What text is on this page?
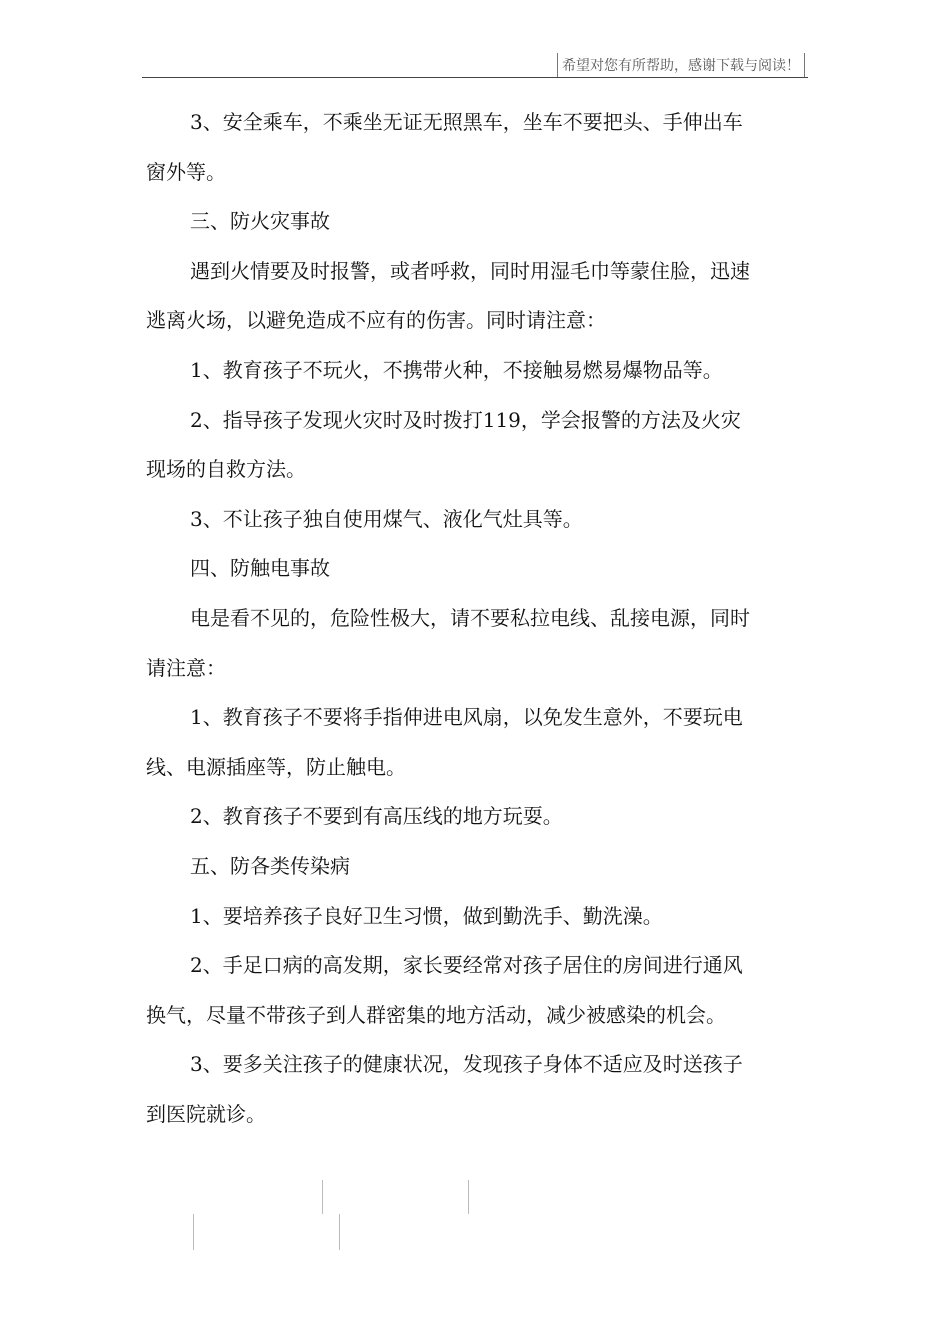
希望对您有所帮助，感谢下载与阅读！

3、安全乘车，不乘坐无证无照黑车，坐车不要把头、手伸出车

窗外等。

三、防火灾事故

遇到火情要及时报警，或者呼救，同时用湿毛巾等蒙住脸，迅速

逃离火场，以避免造成不应有的伤害。同时请注意：

1、教育孩子不玩火，不携带火种，不接触易燃易爆物品等。

2、指导孩子发现火灾时及时拨打119，学会报警的方法及火灾

现场的自救方法。

3、不让孩子独自使用煤气、液化气灶具等。

四、防触电事故

电是看不见的，危险性极大，请不要私拉电线、乱接电源，同时

请注意：

1、教育孩子不要将手指伸进电风扇，以免发生意外，不要玩电

线、电源插座等，防止触电。

2、教育孩子不要到有高压线的地方玩耍。

五、防各类传染病

1、要培养孩子良好卫生习惯，做到勤洗手、勤洗澡。

2、手足口病的高发期，家长要经常对孩子居住的房间进行通风

换气，尽量不带孩子到人群密集的地方活动，减少被感染的机会。

3、要多关注孩子的健康状况，发现孩子身体不适应及时送孩子

到医院就诊。
